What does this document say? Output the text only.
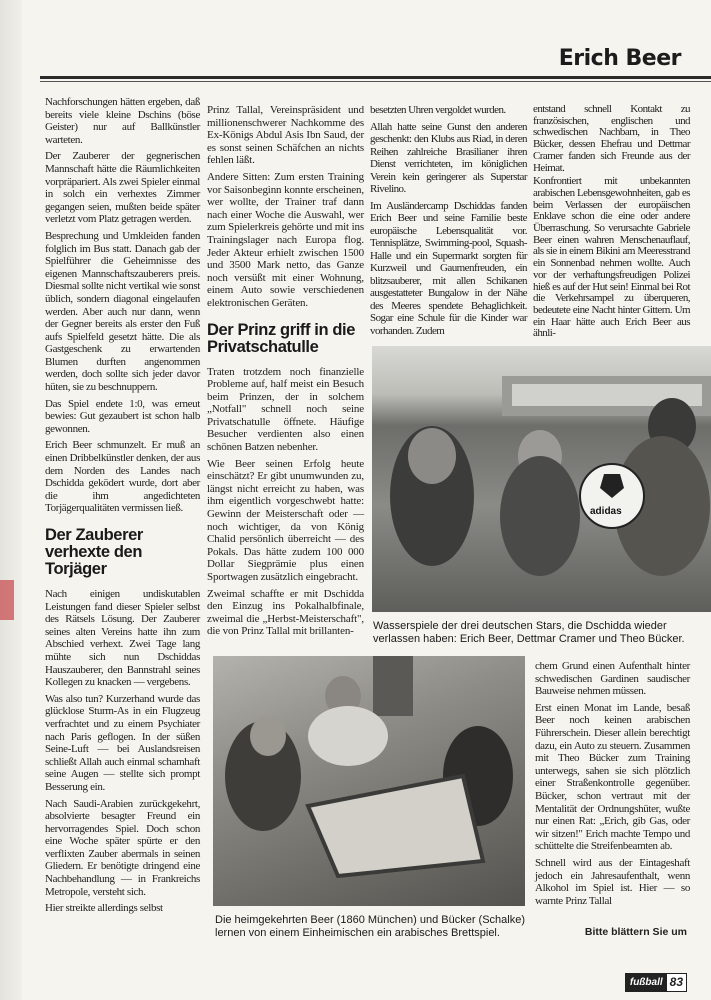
Erich Beer

Nachforschungen hätten ergeben, daß bereits viele kleine Dschins (böse Geister) nur auf Ballkünstler warteten.

Der Zauberer der gegnerischen Mannschaft hätte die Räumlichkeiten vorpräpariert. Als zwei Spieler einmal in solch ein verhextes Zimmer gegangen seien, mußten beide später verletzt vom Platz getragen werden.

Besprechung und Umkleiden fanden folglich im Bus statt. Danach gab der Spielführer die Geheimnisse des eigenen Mannschaftszauberers preis. Diesmal sollte nicht vertikal wie sonst üblich, sondern diagonal eingelaufen werden. Aber auch nur dann, wenn der Gegner bereits als erster den Fuß aufs Spielfeld gesetzt hätte. Die als Gastgeschenk zu erwartenden Blumen durften angenommen werden, doch sollte sich jeder davor hüten, sie zu beschnuppern.

Das Spiel endete 1:0, was erneut bewies: Gut gezaubert ist schon halb gewonnen.

Erich Beer schmunzelt. Er muß an einen Dribbelkünstler denken, der aus dem Norden des Landes nach Dschidda geködert wurde, dort aber die ihm angedichteten Torjägerqualitäten vermissen ließ.

Der Zauberer verhexte den Torjäger

Nach einigen undiskutablen Leistungen fand dieser Spieler selbst des Rätsels Lösung. Der Zauberer seines alten Vereins hatte ihn zum Abschied verhext. Zwei Tage lang mühte sich nun Dschiddas Hauszauberer, den Bannstrahl seines Kollegen zu knacken — vergebens.

Was also tun? Kurzerhand wurde das glücklose Sturm-As in ein Flugzeug verfrachtet und zu einem Psychiater nach Paris geflogen. In der süßen Seine-Luft — bei Auslandsreisen schließt Allah auch einmal schamhaft seine Augen — stellte sich prompt Besserung ein.

Nach Saudi-Arabien zurückgekehrt, absolvierte besagter Freund ein hervorragendes Spiel. Doch schon eine Woche später spürte er den verflixten Zauber abermals in seinen Gliedern. Er benötigte dringend eine Nachbehandlung — in Frankreichs Metropole, versteht sich.

Hier streikte allerdings selbst

Prinz Tallal, Vereinspräsident und millionenschwerer Nachkomme des Ex-Königs Abdul Asis Ibn Saud, der es sonst seinen Schäfchen an nichts fehlen läßt.

Andere Sitten: Zum ersten Training vor Saisonbeginn konnte erscheinen, wer wollte, der Trainer traf dann nach einer Woche die Auswahl, wer zum Spielerkreis gehörte und mit ins Trainingslager nach Europa flog. Jeder Akteur erhielt zwischen 1500 und 3500 Mark netto, das Ganze noch versüßt mit einer Wohnung, einem Auto sowie verschiedenen elektronischen Geräten.

Der Prinz griff in die Privatschatulle

Traten trotzdem noch finanzielle Probleme auf, half meist ein Besuch beim Prinzen, der in solchem „Notfall" schnell noch seine Privatschatulle öffnete. Häufige Besucher verdienten also einen schönen Batzen nebenher.

Wie Beer seinen Erfolg heute einschätzt? Er gibt unumwunden zu, längst nicht erreicht zu haben, was ihm eigentlich vorgeschwebt hatte: Gewinn der Meisterschaft oder — noch wichtiger, da von König Chalid persönlich überreicht — des Pokals. Das hätte zudem 100 000 Dollar Siegprämie plus einen Sportwagen zusätzlich eingebracht.

Zweimal schaffte er mit Dschidda den Einzug ins Pokalhalbfinale, zweimal die „Herbst-Meisterschaft", die von Prinz Tallal mit brillanten-

besetzten Uhren vergoldet wurden.

Allah hatte seine Gunst den anderen geschenkt: den Klubs aus Riad, in deren Reihen zahlreiche Brasilianer ihren Dienst verrichteten, im königlichen Verein kein geringerer als Superstar Rivelino.

Im Ausländercamp Dschiddas fanden Erich Beer und seine Familie beste europäische Lebensqualität vor. Tennisplätze, Swimming-pool, Squash-Halle und ein Supermarkt sorgten für Kurzweil und Gaumenfreuden, ein blitzsauberer, mit allen Schikanen ausgestatteter Bungalow in der Nähe des Meeres spendete Behaglichkeit. Sogar eine Schule für die Kinder war vorhanden. Zudem

entstand schnell Kontakt zu französischen, englischen und schwedischen Nachbarn, in Theo Bücker, dessen Ehefrau und Dettmar Cramer fanden sich Freunde aus der Heimat.

Konfrontiert mit unbekannten arabischen Lebensgewohnheiten, gab es beim Verlassen der europäischen Enklave schon die eine oder andere Überraschung. So verursachte Gabriele Beer einen wahren Menschenauflauf, als sie in einem Bikini am Meeresstrand ein Sonnenbad nehmen wollte. Auch vor der verhaftungsfreudigen Polizei hieß es auf der Hut sein! Einmal bei Rot die Verkehrsampel zu überqueren, bedeutete eine Nacht hinter Gittern. Um ein Haar hätte auch Erich Beer aus ähnli-

adidas
Wasserspiele der drei deutschen Stars, die Dschidda wieder verlassen haben: Erich Beer, Dettmar Cramer und Theo Bücker.

chem Grund einen Aufenthalt hinter schwedischen Gardinen saudischer Bauweise nehmen müssen.

Erst einen Monat im Lande, besaß Beer noch keinen arabischen Führerschein. Dieser allein berechtigt dazu, ein Auto zu steuern. Zusammen mit Theo Bücker zum Training unterwegs, sahen sie sich plötzlich einer Straßenkontrolle gegenüber. Bücker, schon vertraut mit der Mentalität der Ordnungshüter, wußte nur einen Rat: „Erich, gib Gas, oder wir sitzen!" Erich machte Tempo und schüttelte die Streifenbeamten ab.

Schnell wird aus der Eintageshaft jedoch ein Jahresaufenthalt, wenn Alkohol im Spiel ist. Hier — so warnte Prinz Tallal

Die heimgekehrten Beer (1860 München) und Bücker (Schalke) lernen von einem Einheimischen ein arabisches Brettspiel.	Bitte blättern Sie um
fußball 83
